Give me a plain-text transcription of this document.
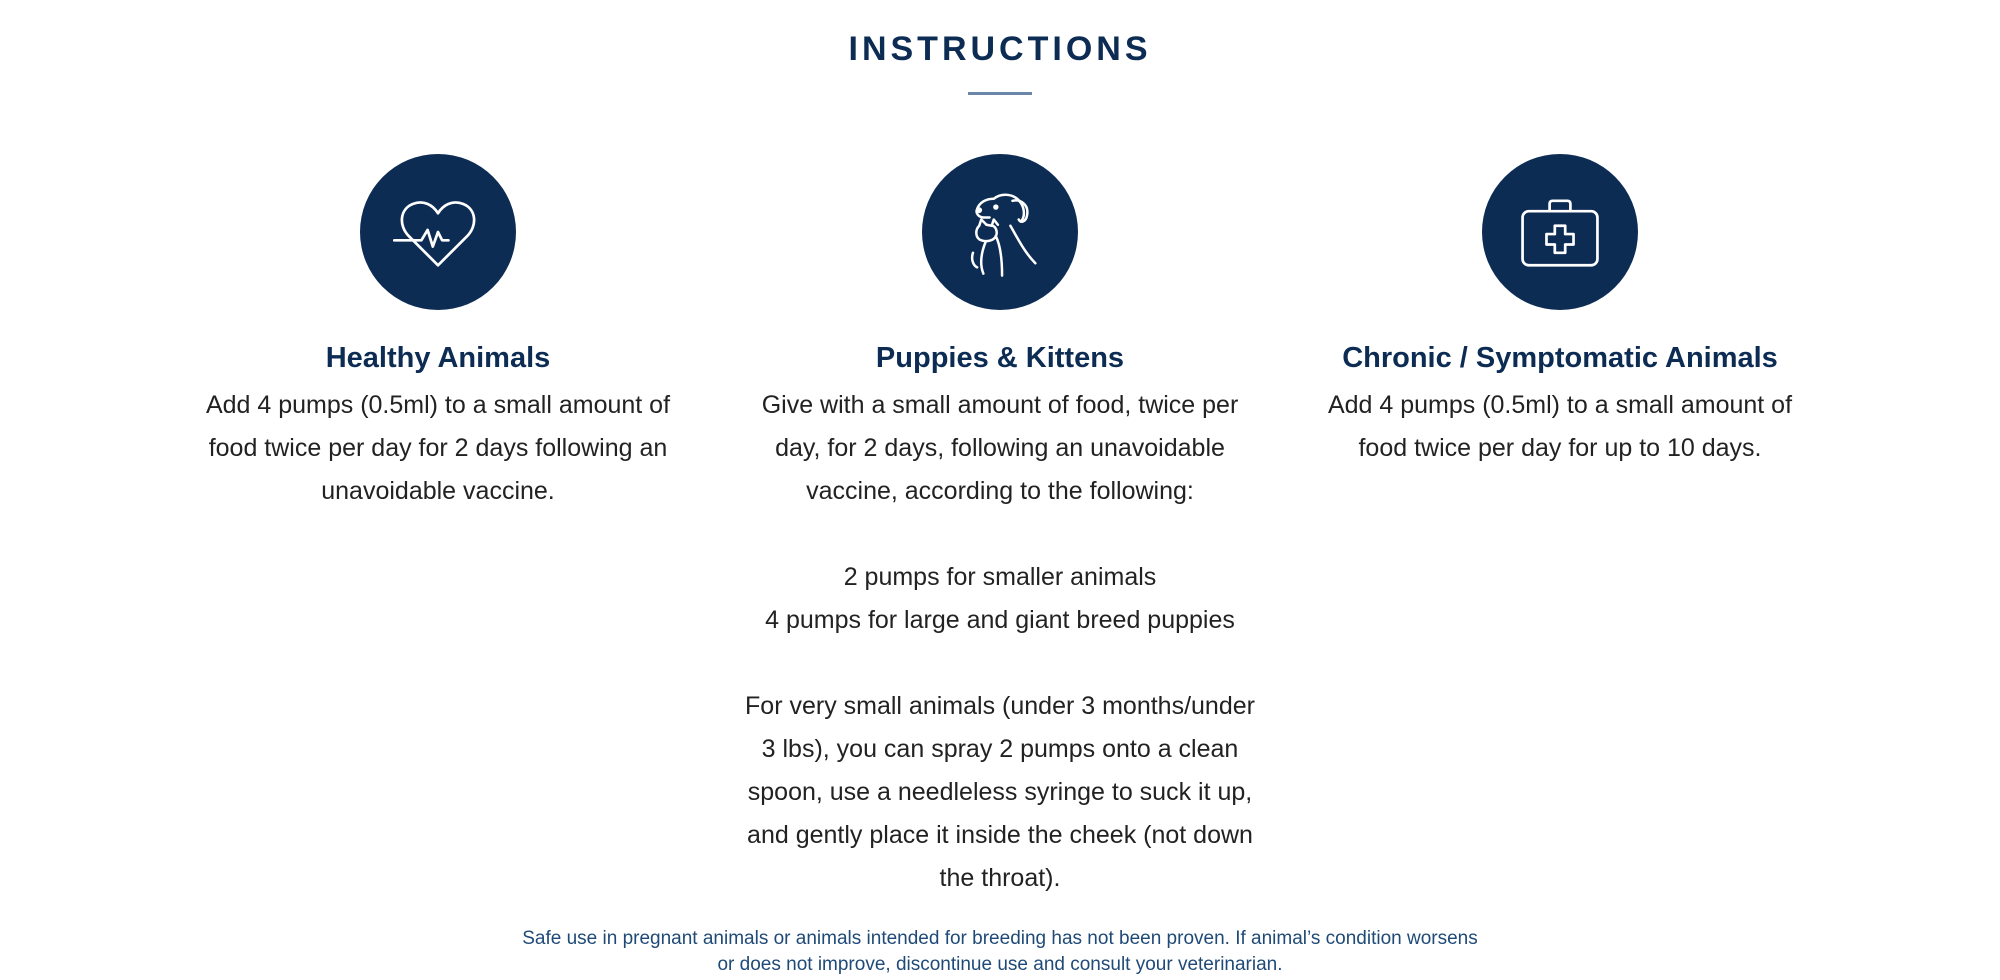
INSTRUCTIONS
Healthy Animals
Add 4 pumps (0.5ml) to a small amount of food twice per day for 2 days following an unavoidable vaccine.
Puppies & Kittens
Give with a small amount of food, twice per day, for 2 days, following an unavoidable vaccine, according to the following:
2 pumps for smaller animals
4 pumps for large and giant breed puppies
For very small animals (under 3 months/under 3 lbs), you can spray 2 pumps onto a clean spoon, use a needleless syringe to suck it up, and gently place it inside the cheek (not down the throat).
Chronic / Symptomatic Animals
Add 4 pumps (0.5ml) to a small amount of food twice per day for up to 10 days.

Safe use in pregnant animals or animals intended for breeding has not been proven. If animal’s condition worsens or does not improve, discontinue use and consult your veterinarian.
